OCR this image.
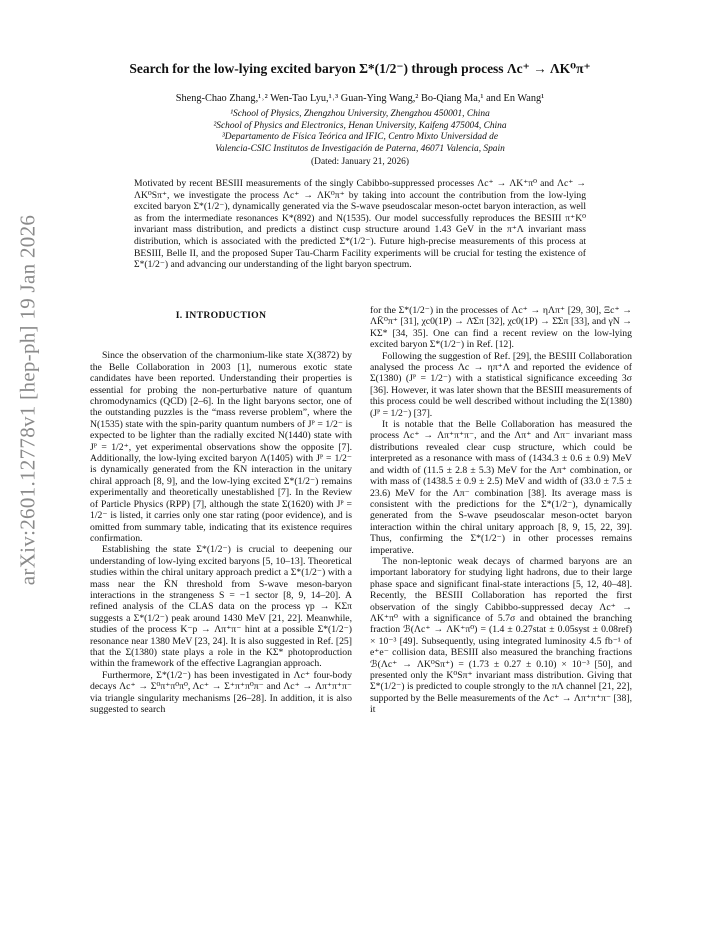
arXiv:2601.12778v1 [hep-ph] 19 Jan 2026
Search for the low-lying excited baryon Σ*(1/2⁻) through process Λc⁺ → ΛK⁰π⁺
Sheng-Chao Zhang,¹˒² Wen-Tao Lyu,¹˒³ Guan-Ying Wang,² Bo-Qiang Ma,¹ and En Wang¹
¹School of Physics, Zhengzhou University, Zhengzhou 450001, China
²School of Physics and Electronics, Henan University, Kaifeng 475004, China
³Departamento de Física Teórica and IFIC, Centro Mixto Universidad de
Valencia-CSIC Institutos de Investigación de Paterna, 46071 Valencia, Spain
(Dated: January 21, 2026)
Motivated by recent BESIII measurements of the singly Cabibbo-suppressed processes Λc⁺ → ΛK⁺π⁰ and Λc⁺ → ΛK⁰Sπ⁺, we investigate the process Λc⁺ → ΛK⁰π⁺ by taking into account the contribution from the low-lying excited baryon Σ*(1/2⁻), dynamically generated via the S-wave pseudoscalar meson-octet baryon interaction, as well as from the intermediate resonances K*(892) and N(1535). Our model successfully reproduces the BESIII π⁺K⁰ invariant mass distribution, and predicts a distinct cusp structure around 1.43 GeV in the π⁺Λ invariant mass distribution, which is associated with the predicted Σ*(1/2⁻). Future high-precise measurements of this process at BESIII, Belle II, and the proposed Super Tau-Charm Facility experiments will be crucial for testing the existence of Σ*(1/2⁻) and advancing our understanding of the light baryon spectrum.
I. INTRODUCTION

Since the observation of the charmonium-like state X(3872) by the Belle Collaboration in 2003 [1], numerous exotic state candidates have been reported. Understanding their properties is essential for probing the non-perturbative nature of quantum chromodynamics (QCD) [2–6]. In the light baryons sector, one of the outstanding puzzles is the “mass reverse problem”, where the N(1535) state with the spin-parity quantum numbers of Jᴾ = 1/2⁻ is expected to be lighter than the radially excited N(1440) state with Jᴾ = 1/2⁺, yet experimental observations show the opposite [7]. Additionally, the low-lying excited baryon Λ(1405) with Jᴾ = 1/2⁻ is dynamically generated from the K̄N interaction in the unitary chiral approach [8, 9], and the low-lying excited Σ*(1/2⁻) remains experimentally and theoretically unestablished [7]. In the Review of Particle Physics (RPP) [7], although the state Σ(1620) with Jᴾ = 1/2⁻ is listed, it carries only one star rating (poor evidence), and is omitted from summary table, indicating that its existence requires confirmation.

Establishing the state Σ*(1/2⁻) is crucial to deepening our understanding of low-lying excited baryons [5, 10–13]. Theoretical studies within the chiral unitary approach predict a Σ*(1/2⁻) with a mass near the K̄N threshold from S-wave meson-baryon interactions in the strangeness S = −1 sector [8, 9, 14–20]. A refined analysis of the CLAS data on the process γp → KΣπ suggests a Σ*(1/2⁻) peak around 1430 MeV [21, 22]. Meanwhile, studies of the process K⁻p → Λπ⁺π⁻ hint at a possible Σ*(1/2⁻) resonance near 1380 MeV [23, 24]. It is also suggested in Ref. [25] that the Σ(1380) state plays a role in the KΣ* photoproduction within the framework of the effective Lagrangian approach.

Furthermore, Σ*(1/2⁻) has been investigated in Λc⁺ four-body decays Λc⁺ → Σ⁰π⁺π⁰π⁰, Λc⁺ → Σ⁺π⁺π⁰π⁻ and Λc⁺ → Λπ⁺π⁺π⁻ via triangle singularity mechanisms [26–28]. In addition, it is also suggested to search

for the Σ*(1/2⁻) in the processes of Λc⁺ → ηΛπ⁺ [29, 30], Ξc⁺ → ΛK̄⁰π⁺ [31], χc0(1P) → Λ̄Σπ [32], χc0(1P) → Σ̄Σπ [33], and γN → KΣ* [34, 35]. One can find a recent review on the low-lying excited baryon Σ*(1/2⁻) in Ref. [12].

Following the suggestion of Ref. [29], the BESIII Collaboration analysed the process Λc → ηπ⁺Λ and reported the evidence of Σ(1380) (Jᴾ = 1/2⁻) with a statistical significance exceeding 3σ [36]. However, it was later shown that the BESIII measurements of this process could be well described without including the Σ(1380) (Jᴾ = 1/2⁻) [37].

It is notable that the Belle Collaboration has measured the process Λc⁺ → Λπ⁺π⁺π⁻, and the Λπ⁺ and Λπ⁻ invariant mass distributions revealed clear cusp structure, which could be interpreted as a resonance with mass of (1434.3 ± 0.6 ± 0.9) MeV and width of (11.5 ± 2.8 ± 5.3) MeV for the Λπ⁺ combination, or with mass of (1438.5 ± 0.9 ± 2.5) MeV and width of (33.0 ± 7.5 ± 23.6) MeV for the Λπ⁻ combination [38]. Its average mass is consistent with the predictions for the Σ*(1/2⁻), dynamically generated from the S-wave pseudoscalar meson-octet baryon interaction within the chiral unitary approach [8, 9, 15, 22, 39]. Thus, confirming the Σ*(1/2⁻) in other processes remains imperative.

The non-leptonic weak decays of charmed baryons are an important laboratory for studying light hadrons, due to their large phase space and significant final-state interactions [5, 12, 40–48]. Recently, the BESIII Collaboration has reported the first observation of the singly Cabibbo-suppressed decay Λc⁺ → ΛK⁺π⁰ with a significance of 5.7σ and obtained the branching fraction ℬ(Λc⁺ → ΛK⁺π⁰) = (1.4 ± 0.27stat ± 0.05syst ± 0.08ref) × 10⁻³ [49]. Subsequently, using integrated luminosity 4.5 fb⁻¹ of e⁺e⁻ collision data, BESIII also measured the branching fractions ℬ(Λc⁺ → ΛK⁰Sπ⁺) = (1.73 ± 0.27 ± 0.10) × 10⁻³ [50], and presented only the K⁰Sπ⁺ invariant mass distribution. Giving that Σ*(1/2⁻) is predicted to couple strongly to the πΛ channel [21, 22], supported by the Belle measurements of the Λc⁺ → Λπ⁺π⁺π⁻ [38], it
